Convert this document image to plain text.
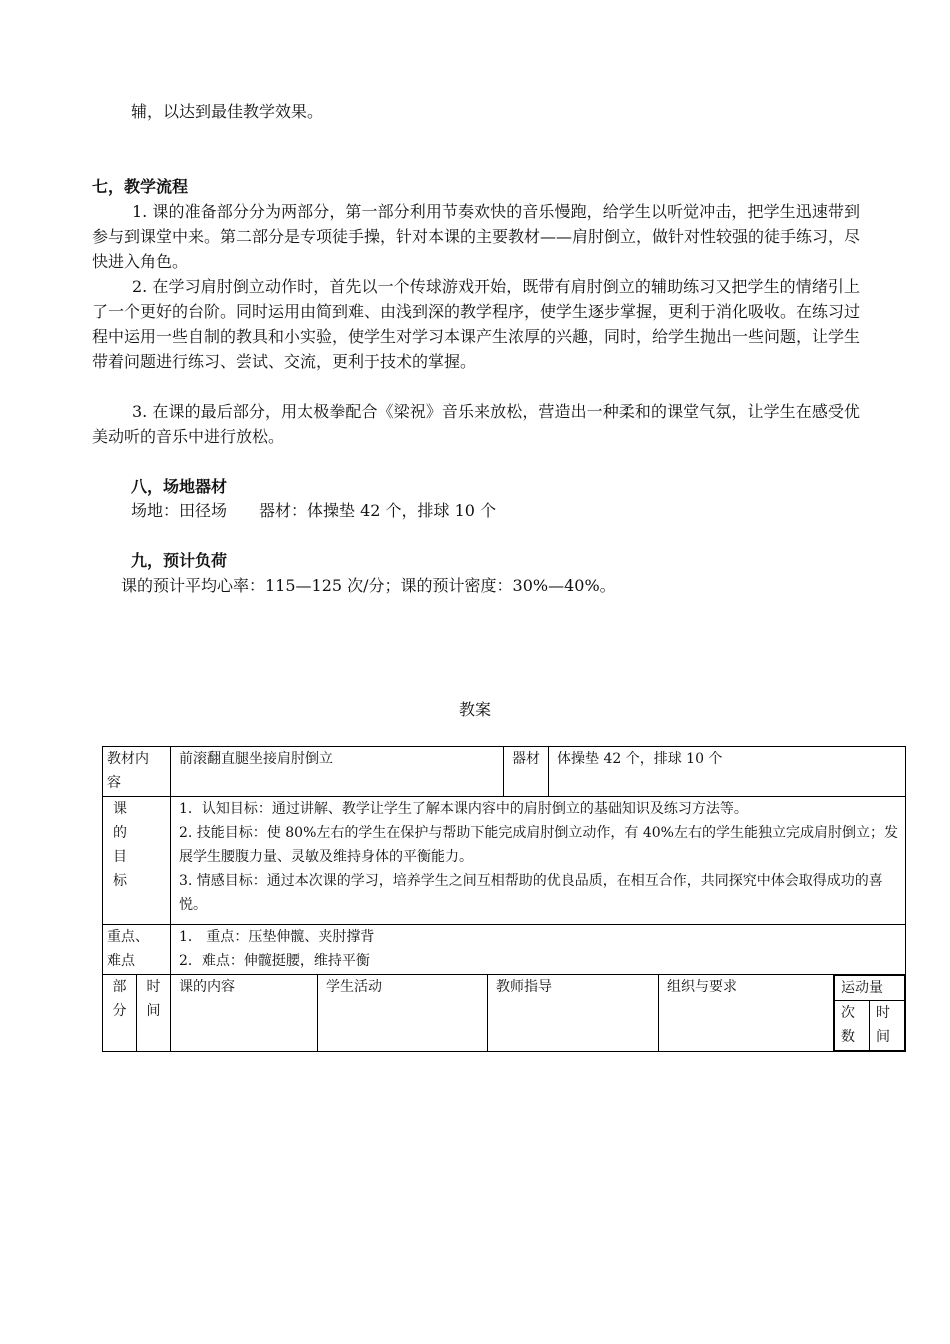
辅，以达到最佳教学效果。
七，教学流程
1. 课的准备部分分为两部分，第一部分利用节奏欢快的音乐慢跑，给学生以听觉冲击，把学生迅速带到参与到课堂中来。第二部分是专项徒手操，针对本课的主要教材——肩肘倒立，做针对性较强的徒手练习，尽快进入角色。
2. 在学习肩肘倒立动作时，首先以一个传球游戏开始，既带有肩肘倒立的辅助练习又把学生的情绪引上了一个更好的台阶。同时运用由简到难、由浅到深的教学程序，使学生逐步掌握，更利于消化吸收。在练习过程中运用一些自制的教具和小实验，使学生对学习本课产生浓厚的兴趣，同时，给学生抛出一些问题，让学生带着问题进行练习、尝试、交流，更利于技术的掌握。
3. 在课的最后部分，用太极拳配合《梁祝》音乐来放松，营造出一种柔和的课堂气氛，让学生在感受优美动听的音乐中进行放松。
八，场地器材
场地：田径场　　器材：体操垫 42 个，排球 10 个
九，预计负荷
课的预计平均心率：115—125 次/分；课的预计密度：30%—40%。
教案
教材内
容	前滚翻直腿坐接肩肘倒立	器材	体操垫 42 个，排球 10 个

课
的
目
标

1．认知目标：通过讲解、教学让学生了解本课内容中的肩肘倒立的基础知识及练习方法等。
2. 技能目标：使 80%左右的学生在保护与帮助下能完成肩肘倒立动作，有 40%左右的学生能独立完成肩肘倒立；发展学生腰腹力量、灵敏及维持身体的平衡能力。
3. 情感目标：通过本次课的学习，培养学生之间互相帮助的优良品质，在相互合作，共同探究中体会取得成功的喜悦。

重点、
难点	
1． 重点：压垫伸髋、夹肘撑背
2．难点：伸髋挺腰，维持平衡

部
分	时
间	课的内容	学生活动	教师指导	组织与要求		运动量
次
数	时
间
